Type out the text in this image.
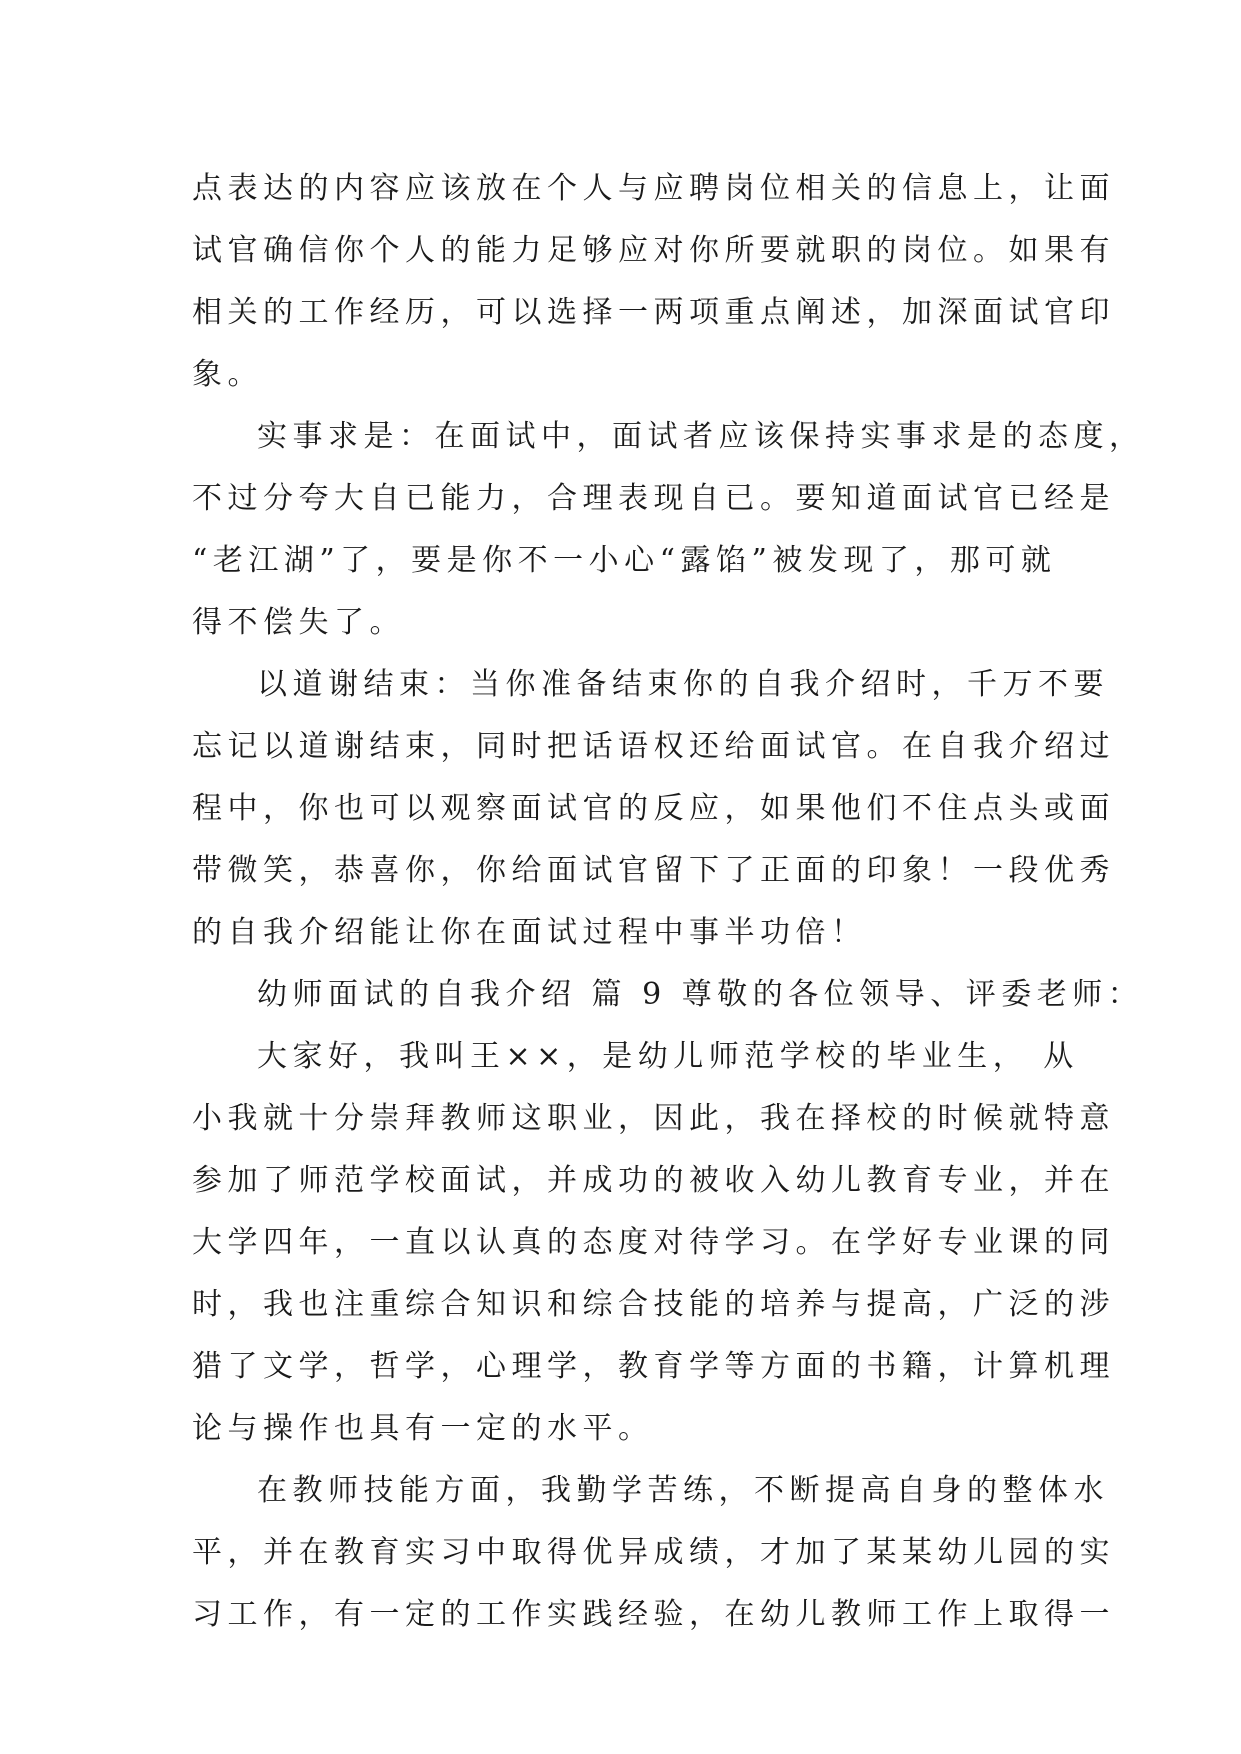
点表达的内容应该放在个人与应聘岗位相关的信息上，让面
试官确信你个人的能力足够应对你所要就职的岗位。如果有
相关的工作经历，可以选择一两项重点阐述，加深面试官印
象。
实事求是：在面试中，面试者应该保持实事求是的态度，
不过分夸大自已能力，合理表现自已。要知道面试官已经是
“老江湖”了，要是你不一小心“露馅”被发现了，那可就
得不偿失了。
以道谢结束：当你准备结束你的自我介绍时，千万不要
忘记以道谢结束，同时把话语权还给面试官。在自我介绍过
程中，你也可以观察面试官的反应，如果他们不住点头或面
带微笑，恭喜你，你给面试官留下了正面的印象！一段优秀
的自我介绍能让你在面试过程中事半功倍！
幼师面试的自我介绍 篇 9 尊敬的各位领导、评委老师：
大家好，我叫王××，是幼儿师范学校的毕业生， 从
小我就十分崇拜教师这职业，因此，我在择校的时候就特意
参加了师范学校面试，并成功的被收入幼儿教育专业，并在
大学四年，一直以认真的态度对待学习。在学好专业课的同
时，我也注重综合知识和综合技能的培养与提高，广泛的涉
猎了文学，哲学，心理学，教育学等方面的书籍，计算机理
论与操作也具有一定的水平。
在教师技能方面，我勤学苦练，不断提高自身的整体水
平，并在教育实习中取得优异成绩，才加了某某幼儿园的实
习工作，有一定的工作实践经验，在幼儿教师工作上取得一
